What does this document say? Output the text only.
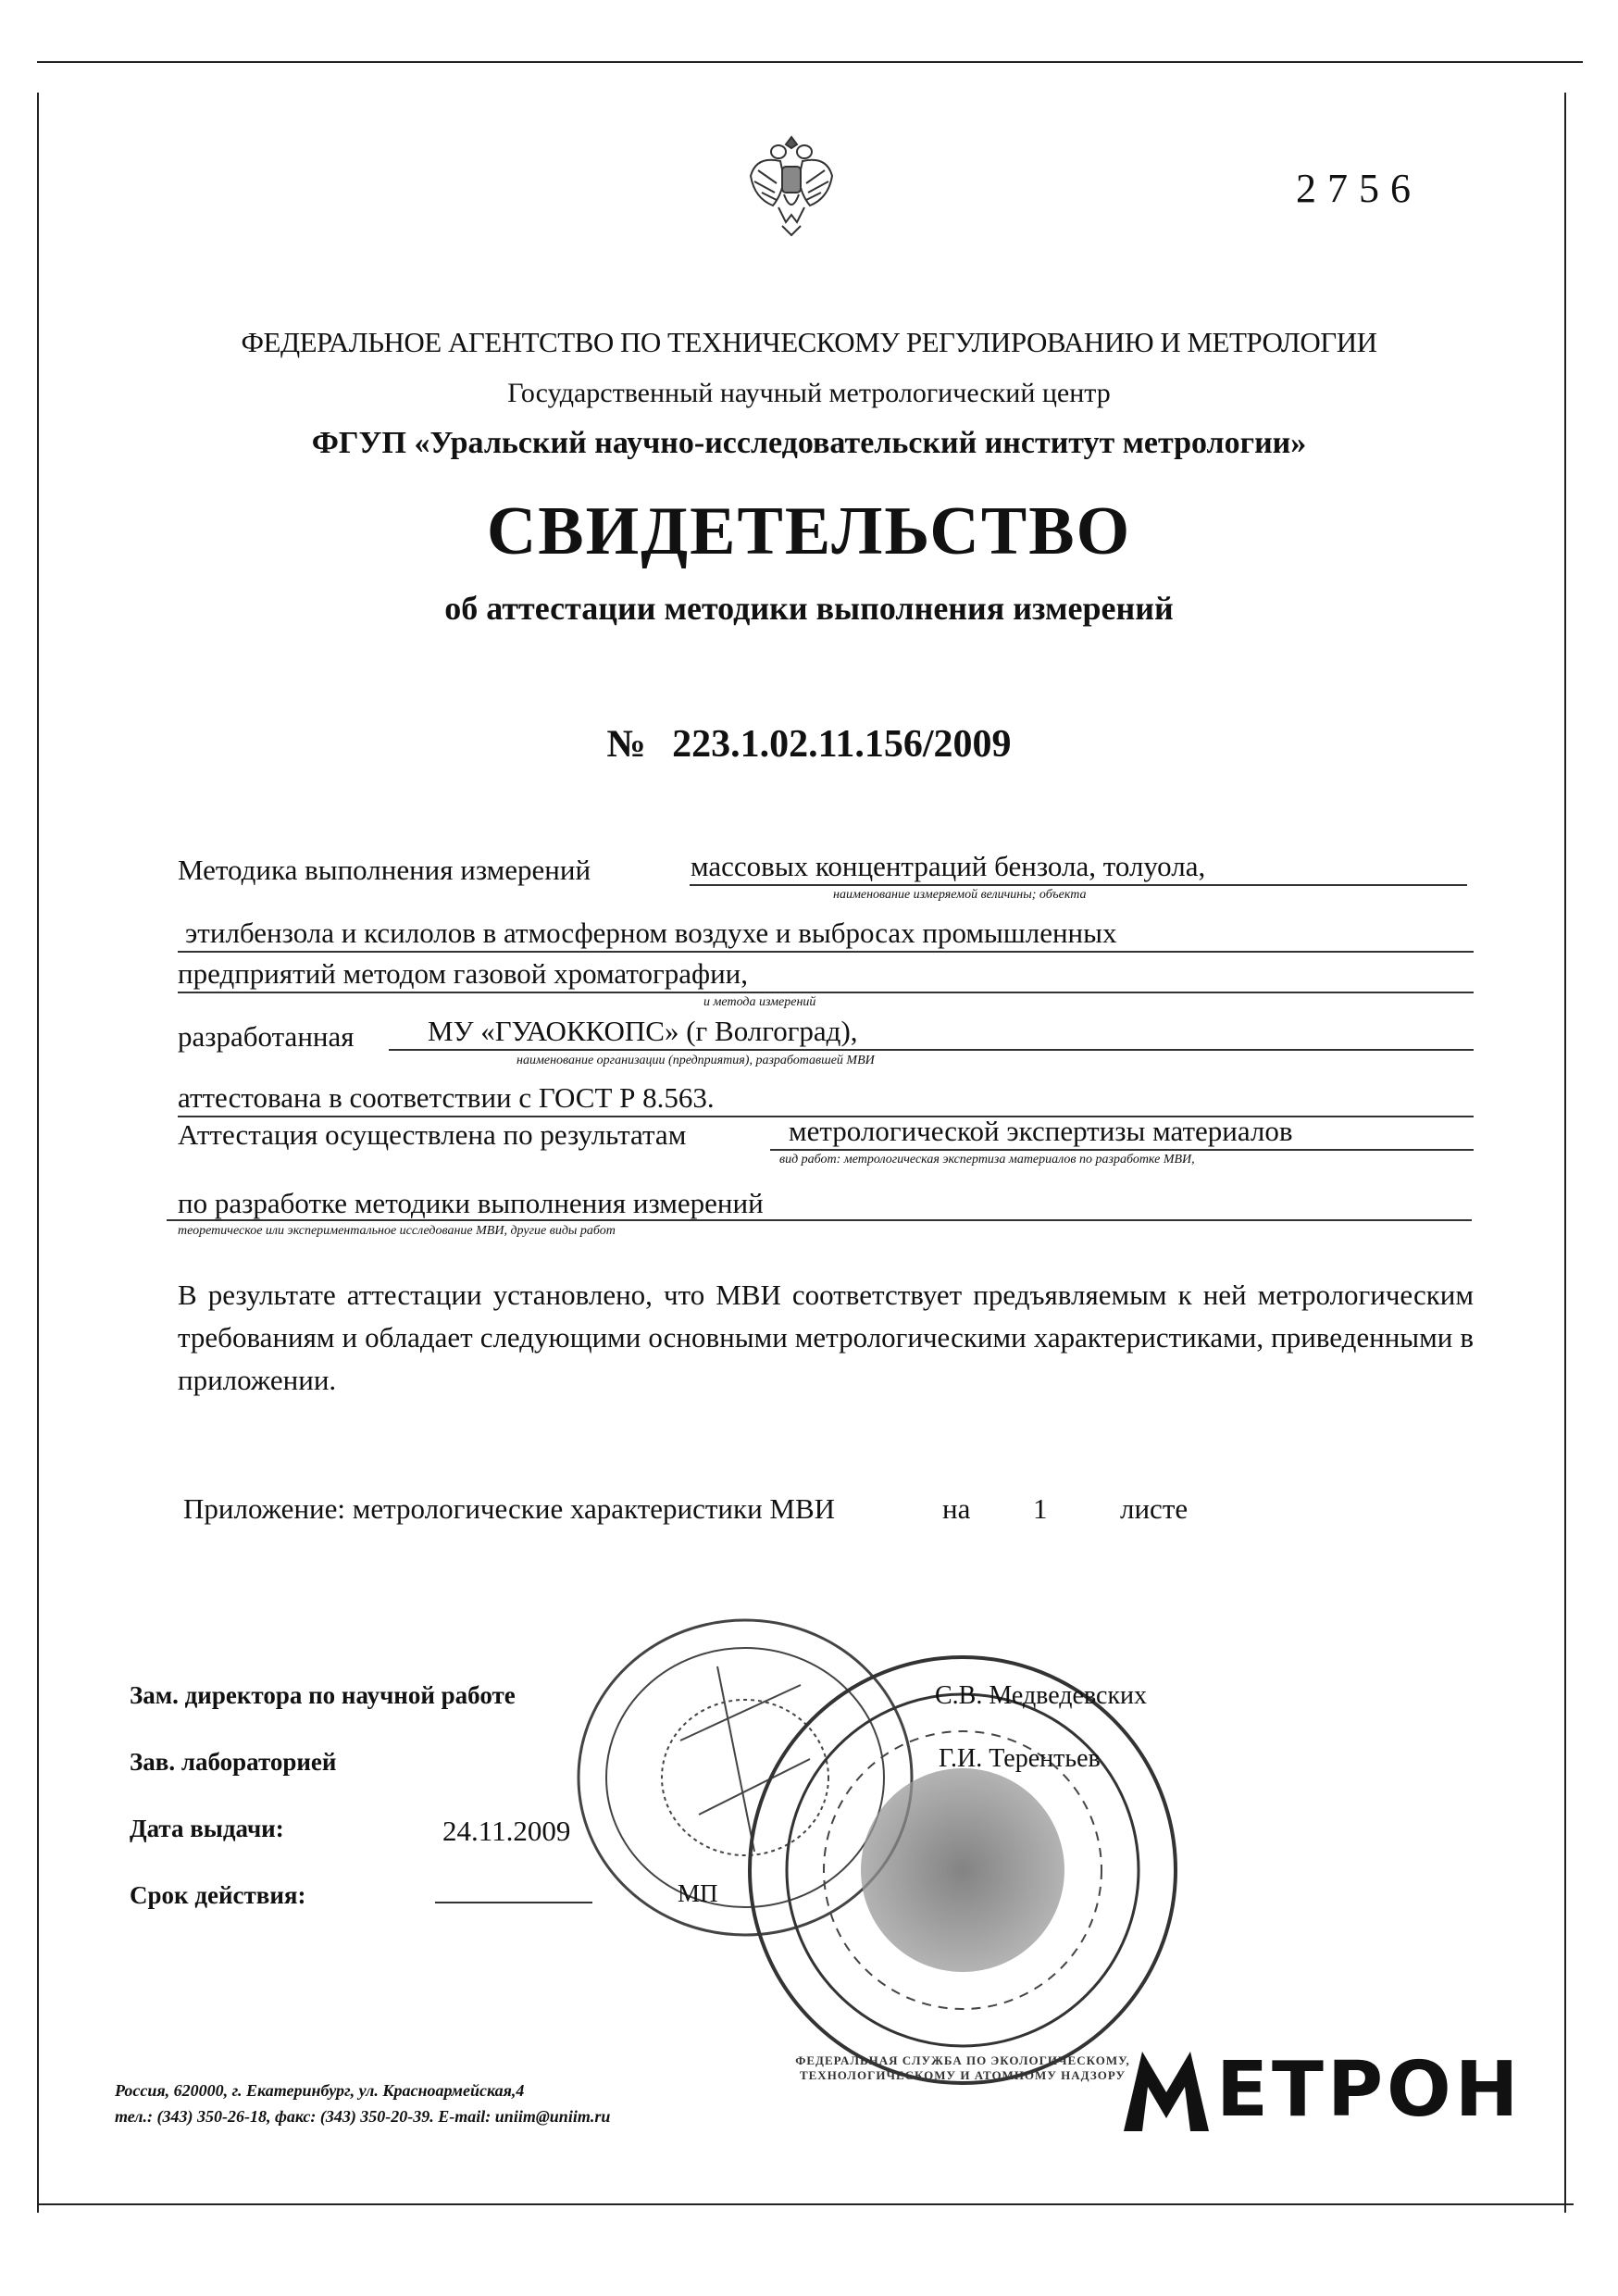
2756
ФЕДЕРАЛЬНОЕ АГЕНТСТВО ПО ТЕХНИЧЕСКОМУ РЕГУЛИРОВАНИЮ И МЕТРОЛОГИИ
Государственный научный метрологический центр
ФГУП «Уральский научно-исследовательский институт метрологии»
СВИДЕТЕЛЬСТВО
об аттестации методики выполнения измерений
№ 223.1.02.11.156/2009
Методика выполнения измерений	массовых концентраций бензола, толуола,
наименование измеряемой величины; объекта
этилбензола и ксилолов в атмосферном воздухе и выбросах промышленных
предприятий методом газовой хроматографии,
и метода измерений
разработанная	МУ «ГУАОККОПС» (г Волгоград),
наименование организации (предприятия), разработавшей МВИ
аттестована в соответствии с ГОСТ Р 8.563.
Аттестация осуществлена по результатам	метрологической экспертизы материалов
вид работ: метрологическая экспертиза материалов по разработке МВИ,
по разработке методики выполнения измерений
теоретическое или экспериментальное исследование МВИ, другие виды работ
В результате аттестации установлено, что МВИ соответствует предъявляемым к ней метрологическим требованиям и обладает следующими основными метрологическими характеристиками, приведенными в приложении.
Приложение: метрологические характеристики МВИ	на 1	листе
ФЕДЕРАЛЬНАЯ СЛУЖБА ПО ЭКОЛОГИЧЕСКОМУ, ТЕХНОЛОГИЧЕСКОМУ И АТОМНОМУ НАДЗОРУ
Зам. директора по научной работе	С.В. Медведевских
Зав. лабораторией	Г.И. Терентьев
Дата выдачи:	24.11.2009
Срок действия:	МП
Россия, 620000, г. Екатеринбург, ул. Красноармейская,4
тел.: (343) 350-26-18, факс: (343) 350-20-39. E-mail: uniim@uniim.ru	ЕТРОН
